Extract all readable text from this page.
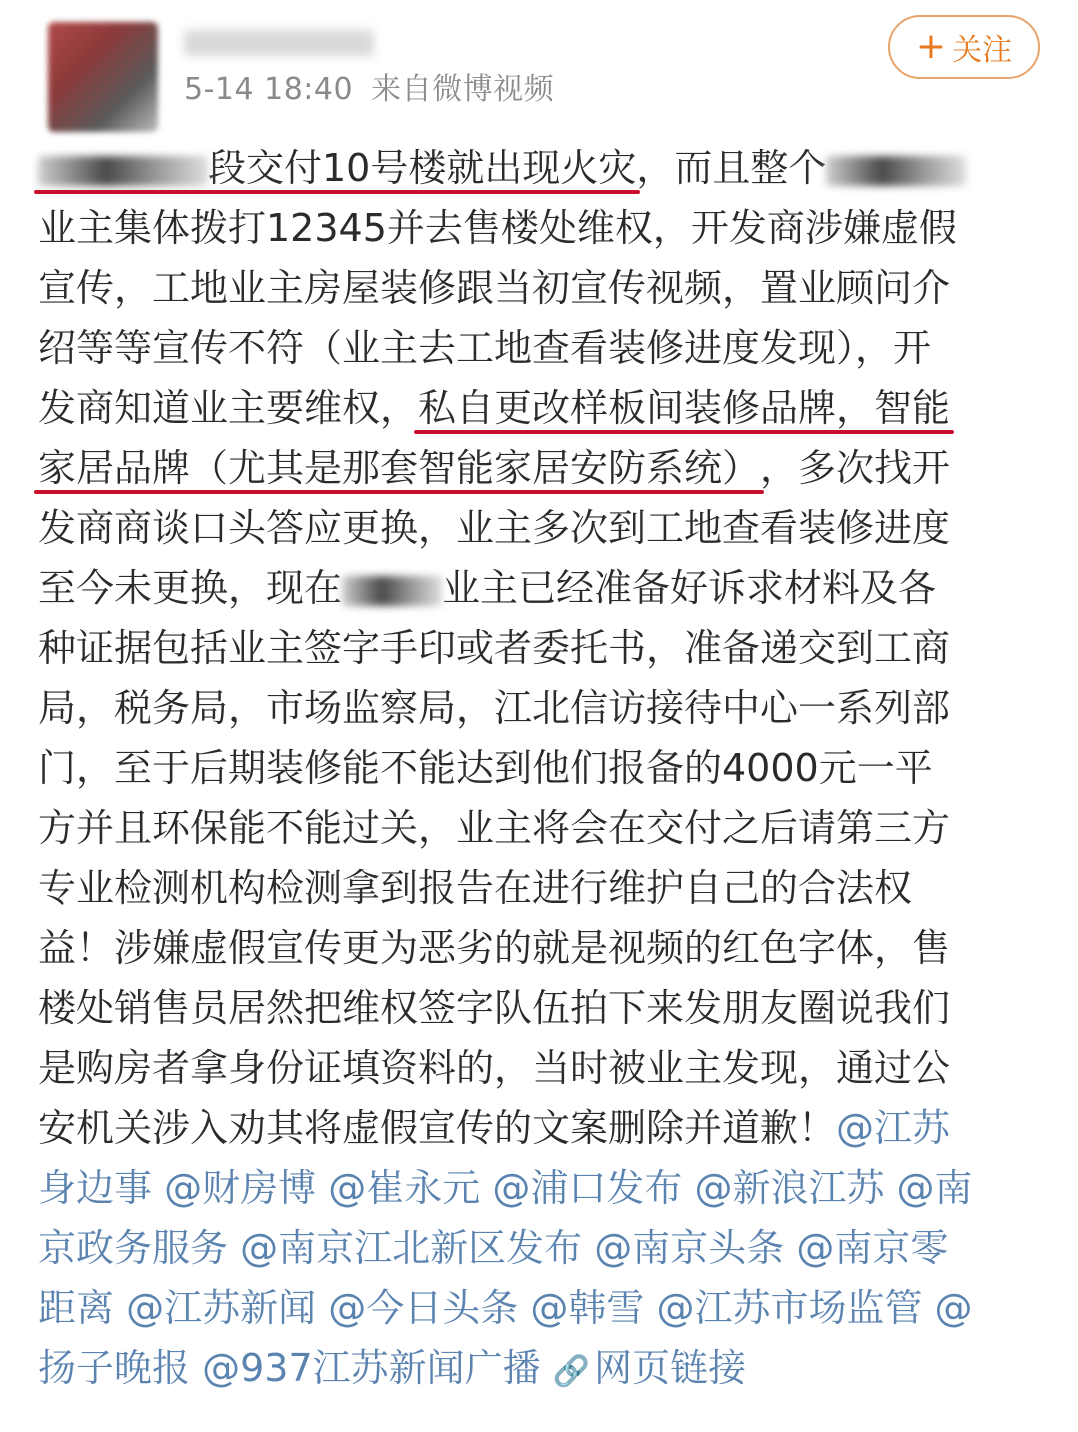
5-14 18:40 来自微博视频
+ 关注
段交付10号楼就出现火灾，而且整个
业主集体拨打12345并去售楼处维权，开发商涉嫌虚假
宣传，工地业主房屋装修跟当初宣传视频，置业顾问介
绍等等宣传不符（业主去工地查看装修进度发现），开
发商知道业主要维权，私自更改样板间装修品牌，智能
家居品牌（尤其是那套智能家居安防系统），多次找开
发商商谈口头答应更换，业主多次到工地查看装修进度
至今未更换，现在	业主已经准备好诉求材料及各
种证据包括业主签字手印或者委托书，准备递交到工商
局，税务局，市场监察局，江北信访接待中心一系列部
门，至于后期装修能不能达到他们报备的4000元一平
方并且环保能不能过关，业主将会在交付之后请第三方
专业检测机构检测拿到报告在进行维护自己的合法权
益！涉嫌虚假宣传更为恶劣的就是视频的红色字体，售
楼处销售员居然把维权签字队伍拍下来发朋友圈说我们
是购房者拿身份证填资料的，当时被业主发现，通过公
安机关涉入劝其将虚假宣传的文案删除并道歉！@江苏
身边事 @财房博 @崔永元 @浦口发布 @新浪江苏 @南
京政务服务 @南京江北新区发布 @南京头条 @南京零
距离 @江苏新闻 @今日头条 @韩雪 @江苏市场监管 @
扬子晚报 @937江苏新闻广播 🔗 网页链接
